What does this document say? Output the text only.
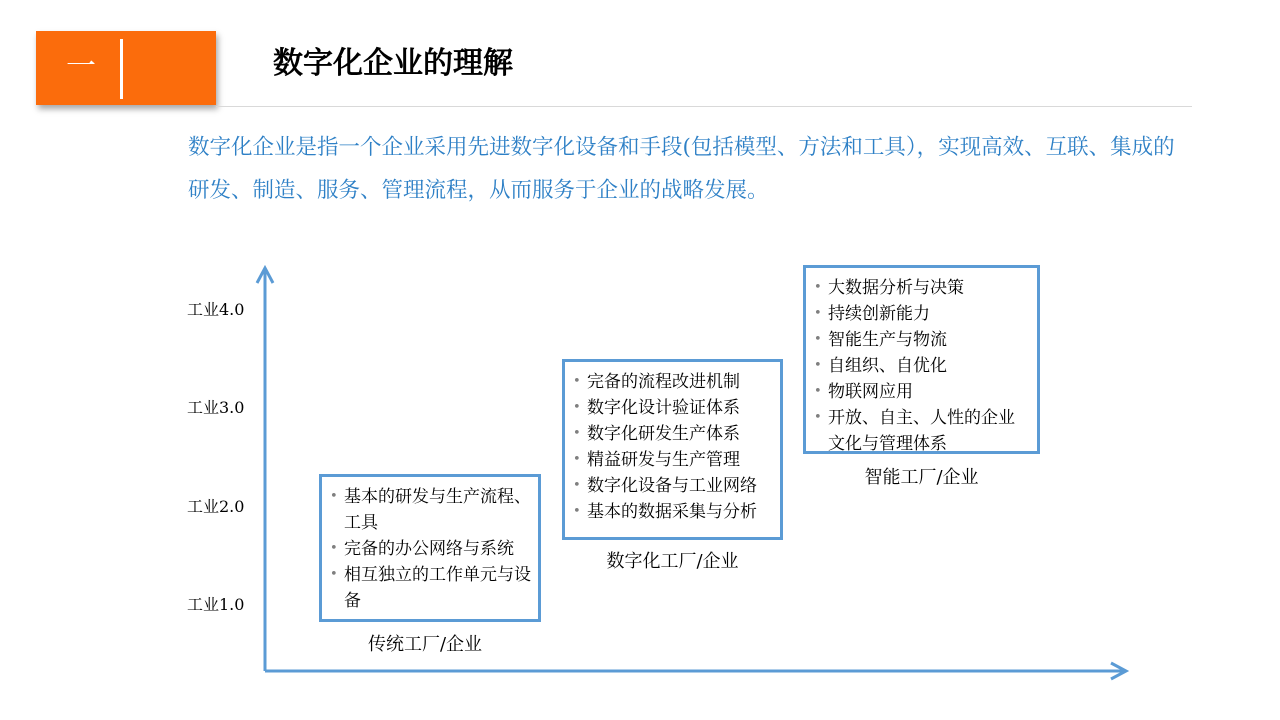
一	数字化企业的理解
数字化企业是指一个企业采用先进数字化设备和手段(包括模型、方法和工具），实现高效、互联、集成的研发、制造、服务、管理流程，从而服务于企业的战略发展。
工业4.0
工业3.0
工业2.0
工业1.0
• 基本的研发与生产流程、工具
• 完备的办公网络与系统
• 相互独立的工作单元与设备
传统工厂/企业
• 完备的流程改进机制
• 数字化设计验证体系
• 数字化研发生产体系
• 精益研发与生产管理
• 数字化设备与工业网络
• 基本的数据采集与分析
数字化工厂/企业
• 大数据分析与决策
• 持续创新能力
• 智能生产与物流
• 自组织、自优化
• 物联网应用
• 开放、自主、人性的企业文化与管理体系
智能工厂/企业
